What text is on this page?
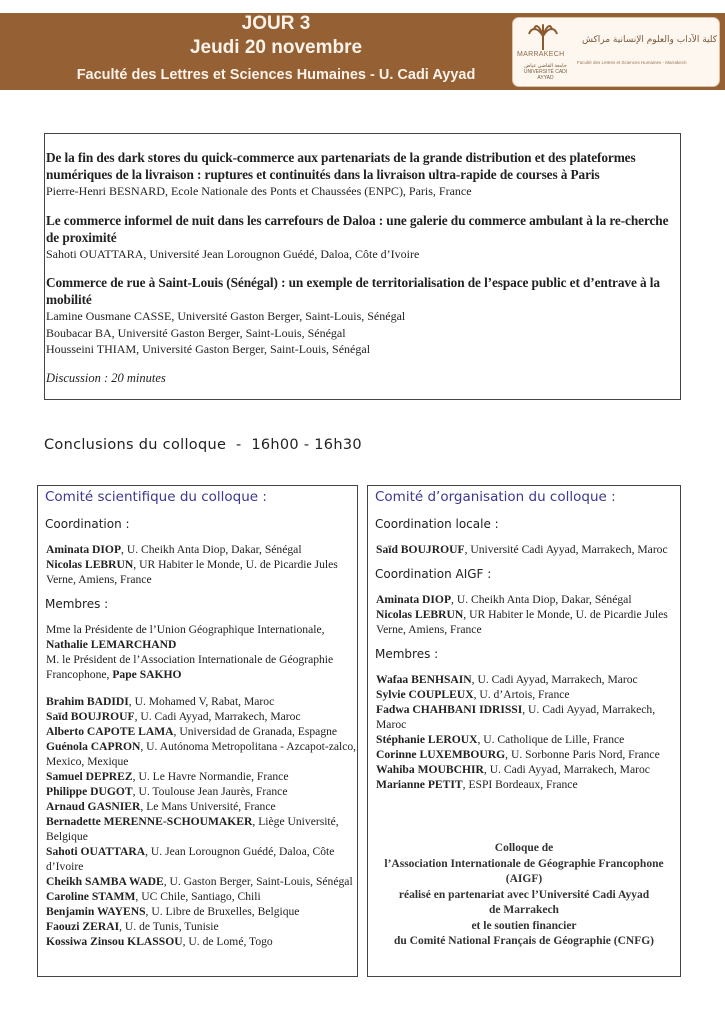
JOUR 3
Jeudi 20 novembre
Faculté des Lettres et Sciences Humaines - U. Cadi Ayyad
MARRAKECH
جامعة القاضي عياض UNIVERSITÉ CADI AYYAD
كلية الآداب والعلوم الإنسانية مراكش
Faculté des Lettres et Sciences Humaines - Marrakech
De la fin des dark stores du quick-commerce aux partenariats de la grande distribution et des plateformes numériques de la livraison : ruptures et continuités dans la livraison ultra-rapide de courses à Paris
Pierre-Henri BESNARD, Ecole Nationale des Ponts et Chaussées (ENPC), Paris, France
Le commerce informel de nuit dans les carrefours de Daloa : une galerie du commerce ambulant à la re-cherche de proximité
Sahoti OUATTARA, Université Jean Lorougnon Guédé, Daloa, Côte d’Ivoire
Commerce de rue à Saint-Louis (Sénégal) : un exemple de territorialisation de l’espace public et d’entrave à la mobilité
Lamine Ousmane CASSE, Université Gaston Berger, Saint-Louis, Sénégal
Boubacar BA, Université Gaston Berger, Saint-Louis, Sénégal
Housseini THIAM, Université Gaston Berger, Saint-Louis, Sénégal
Discussion : 20 minutes
Conclusions du colloque  -  16h00 - 16h30
Comité scientifique du colloque :
Coordination :
Aminata DIOP, U. Cheikh Anta Diop, Dakar, Sénégal
Nicolas LEBRUN, UR Habiter le Monde, U. de Picardie Jules Verne, Amiens, France
Membres :
Mme la Présidente de l’Union Géographique Internationale, Nathalie LEMARCHAND
M. le Président de l’Association Internationale de Géographie Francophone, Pape SAKHO
Brahim BADIDI, U. Mohamed V, Rabat, Maroc
Saïd BOUJROUF, U. Cadi Ayyad, Marrakech, Maroc
Alberto CAPOTE LAMA, Universidad de Granada, Espagne
Guénola CAPRON, U. Autónoma Metropolitana - Azcapot-zalco, Mexico, Mexique
Samuel DEPREZ, U. Le Havre Normandie, France
Philippe DUGOT, U. Toulouse Jean Jaurès, France
Arnaud GASNIER, Le Mans Université, France
Bernadette MERENNE-SCHOUMAKER, Liège Université, Belgique
Sahoti OUATTARA, U. Jean Lorougnon Guédé, Daloa, Côte d’Ivoire
Cheikh SAMBA WADE, U. Gaston Berger, Saint-Louis, Sénégal
Caroline STAMM, UC Chile, Santiago, Chili
Benjamin WAYENS, U. Libre de Bruxelles, Belgique
Faouzi ZERAI, U. de Tunis, Tunisie
Kossiwa Zinsou KLASSOU, U. de Lomé, Togo
Comité d’organisation du colloque :
Coordination locale :
Saïd BOUJROUF, Université Cadi Ayyad, Marrakech, Maroc
Coordination AIGF :
Aminata DIOP, U. Cheikh Anta Diop, Dakar, Sénégal
Nicolas LEBRUN, UR Habiter le Monde, U. de Picardie Jules Verne, Amiens, France
Membres :
Wafaa BENHSAIN, U. Cadi Ayyad, Marrakech, Maroc
Sylvie COUPLEUX, U. d’Artois, France
Fadwa CHAHBANI IDRISSI, U. Cadi Ayyad, Marrakech, Maroc
Stéphanie LEROUX, U. Catholique de Lille, France
Corinne LUXEMBOURG, U. Sorbonne Paris Nord, France
Wahiba MOUBCHIR, U. Cadi Ayyad, Marrakech, Maroc
Marianne PETIT, ESPI Bordeaux, France
Colloque de
l’Association Internationale de Géographie Francophone
(AIGF)
réalisé en partenariat avec l’Université Cadi Ayyad
de Marrakech
et le soutien financier
du Comité National Français de Géographie (CNFG)
